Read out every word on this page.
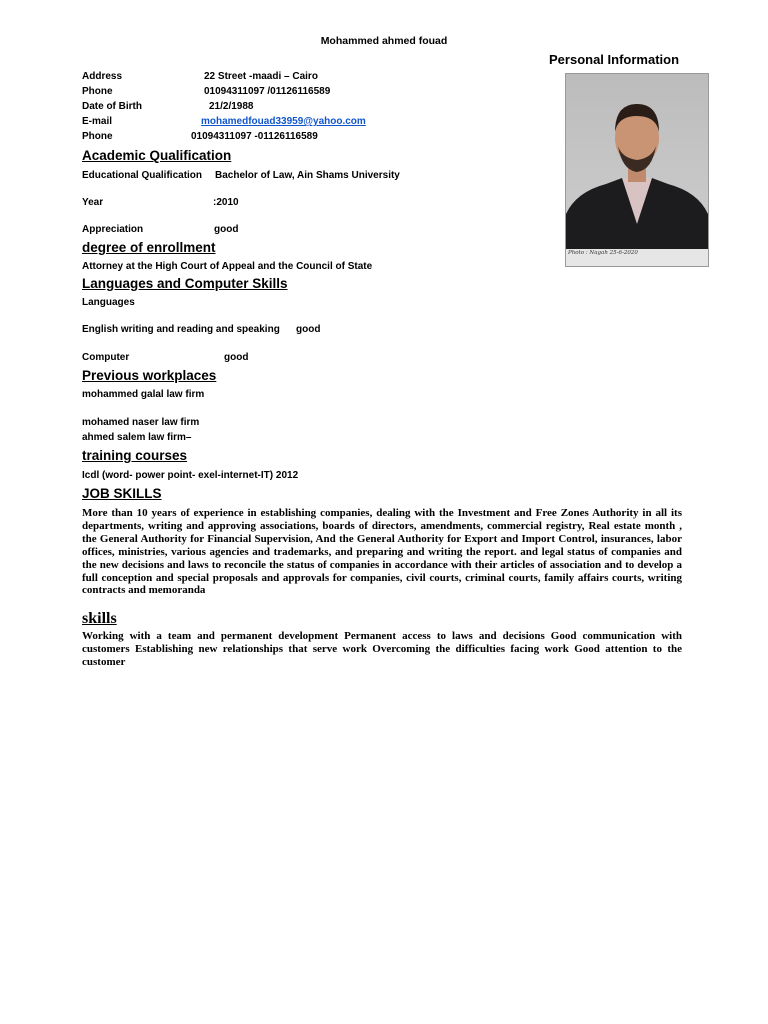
Mohammed ahmed fouad
Personal Information
Address	22 Street -maadi – Cairo
Phone	01094311097 /01126116589
Date of Birth	21/2/1988
E-mail	mohamedfouad33959@yahoo.com
Phone	01094311097 -01126116589
Photo : Nagah 25-6-2020
Academic Qualification
Educational Qualification Bachelor of Law, Ain Shams University
Year	:2010
Appreciation	good
degree of enrollment
Attorney at the High Court of Appeal and the Council of State
Languages and Computer Skills
Languages
English writing and reading and speaking good
Computer	good
Previous workplaces
mohammed galal law firm
mohamed naser law firm
ahmed salem law firm–
training courses
Icdl (word- power point- exel-internet-IT) 2012
JOB SKILLS
More than 10 years of experience in establishing companies, dealing with the Investment and Free Zones Authority in all its departments, writing and approving associations, boards of directors, amendments, commercial registry, Real estate month , the General Authority for Financial Supervision, And the General Authority for Export and Import Control, insurances, labor offices, ministries, various agencies and trademarks, and preparing and writing the report. and legal status of companies and the new decisions and laws to reconcile the status of companies in accordance with their articles of association and to develop a full conception and special proposals and approvals for companies, civil courts, criminal courts, family affairs courts, writing contracts and memoranda
skills
Working with a team and permanent development Permanent access to laws and decisions Good communication with customers Establishing new relationships that serve work Overcoming the difficulties facing work Good attention to the customer
